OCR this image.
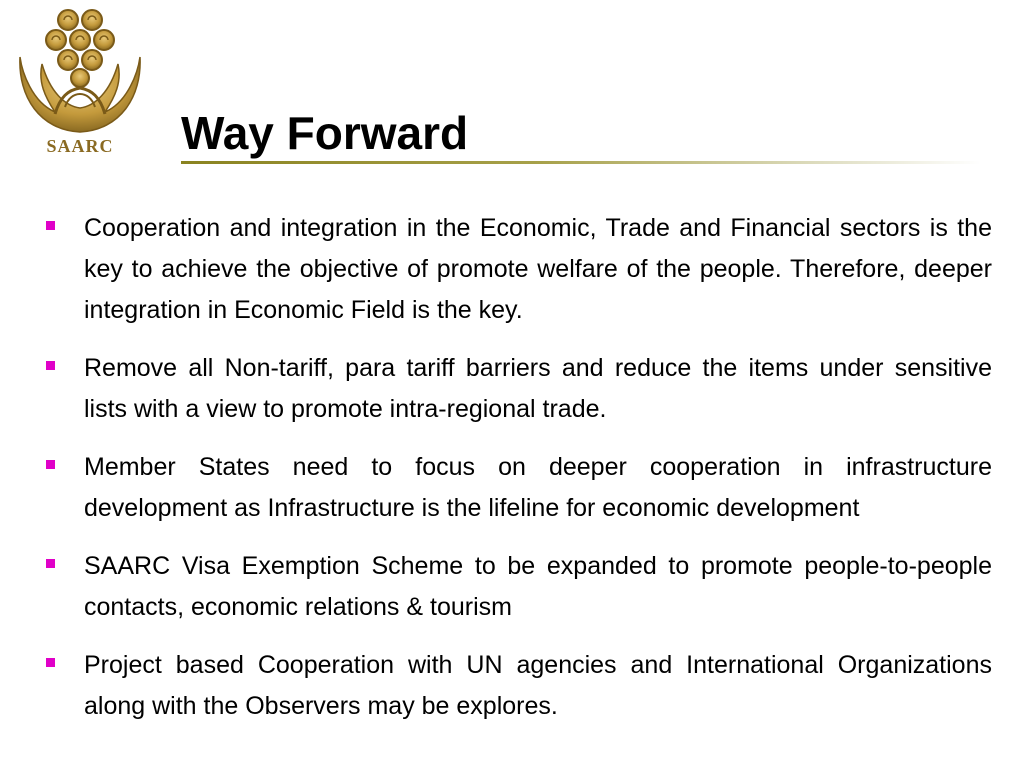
SAARC	Way Forward
Cooperation and integration in the Economic, Trade and Financial sectors is the key to achieve the objective of promote welfare of the people. Therefore, deeper integration in Economic Field is the key.
Remove all Non-tariff, para tariff barriers and reduce the items under sensitive lists with a view to promote intra-regional trade.
Member States need to focus on deeper cooperation in infrastructure development as Infrastructure is the lifeline for economic development
SAARC Visa Exemption Scheme to be expanded to promote people-to-people contacts, economic relations & tourism
Project based Cooperation with UN agencies and International Organizations along with the Observers may be explores.
